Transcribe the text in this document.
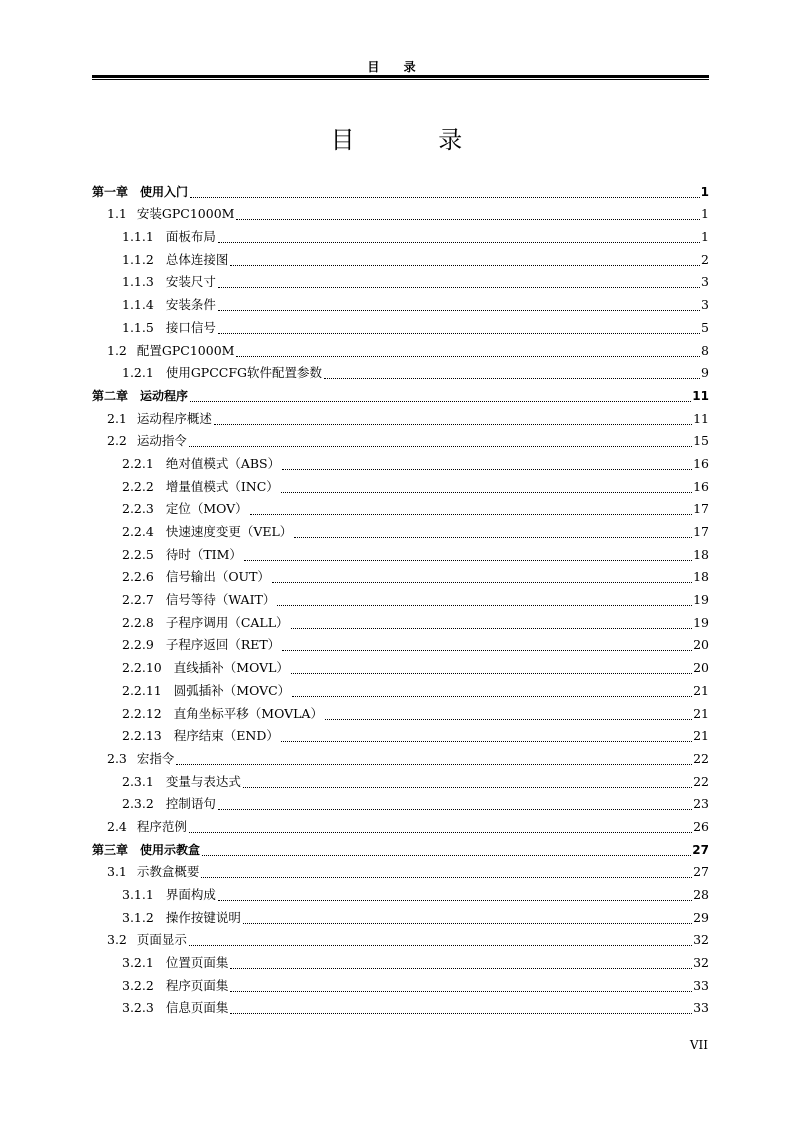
目 录
目 录
第一章 使用入门	1
1.1 安装GPC1000M	1
1.1.1 面板布局	1
1.1.2 总体连接图	2
1.1.3 安装尺寸	3
1.1.4 安装条件	3
1.1.5 接口信号	5
1.2 配置GPC1000M	8
1.2.1 使用GPCCFG软件配置参数	9
第二章 运动程序	11
2.1 运动程序概述	11
2.2 运动指令	15
2.2.1 绝对值模式（ABS）	16
2.2.2 增量值模式（INC）	16
2.2.3 定位（MOV）	17
2.2.4 快速速度变更（VEL）	17
2.2.5 待时（TIM）	18
2.2.6 信号输出（OUT）	18
2.2.7 信号等待（WAIT）	19
2.2.8 子程序调用（CALL）	19
2.2.9 子程序返回（RET）	20
2.2.10 直线插补（MOVL）	20
2.2.11 圆弧插补（MOVC）	21
2.2.12 直角坐标平移（MOVLA）	21
2.2.13 程序结束（END）	21
2.3 宏指令	22
2.3.1 变量与表达式	22
2.3.2 控制语句	23
2.4 程序范例	26
第三章 使用示教盒	27
3.1 示教盒概要	27
3.1.1 界面构成	28
3.1.2 操作按键说明	29
3.2 页面显示	32
3.2.1 位置页面集	32
3.2.2 程序页面集	33
3.2.3 信息页面集	33
VII
